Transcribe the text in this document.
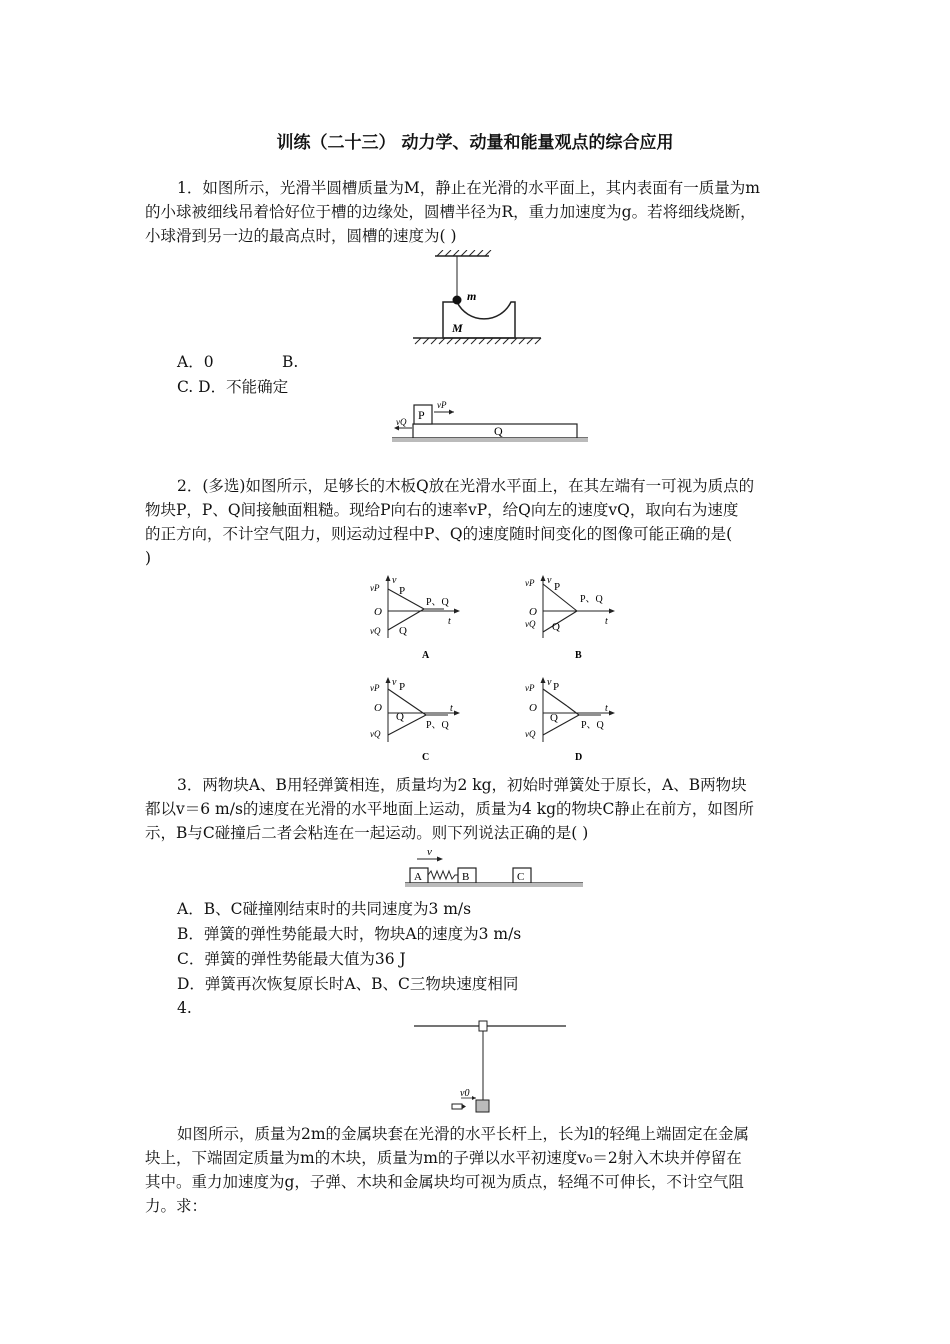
训练（二十三） 动力学、动量和能量观点的综合应用
1．如图所示，光滑半圆槽质量为M，静止在光滑的水平面上，其内表面有一质量为m
的小球被细线吊着恰好位于槽的边缘处，圆槽半径为R，重力加速度为g。若将细线烧断，
小球滑到另一边的最高点时，圆槽的速度为( )
m
M
A．0	B.
C. D．不能确定
P
Q
vP
vQ
2．(多选)如图所示，足够长的木板Q放在光滑水平面上，在其左端有一可视为质点的
物块P，P、Q间接触面粗糙。现给P向右的速率vP，给Q向左的速度vQ，取向右为速度
的正方向，不计空气阻力，则运动过程中P、Q的速度随时间变化的图像可能正确的是(
)
v
vP
vQ
O
t
P
Q
P、Q
A
v
vP
vQ
O
t
P
Q
P、Q
B
v
vP
vQ
O	t
P
Q
P、Q
C
v
vP
vQ
O	t
P
Q
P、Q
D
3．两物块A、B用轻弹簧相连，质量均为2 kg，初始时弹簧处于原长，A、B两物块
都以v＝6 m/s的速度在光滑的水平地面上运动，质量为4 kg的物块C静止在前方，如图所
示，B与C碰撞后二者会粘连在一起运动。则下列说法正确的是( )
v
A	B	C
A．B、C碰撞刚结束时的共同速度为3 m/s
B．弹簧的弹性势能最大时，物块A的速度为3 m/s
C．弹簧的弹性势能最大值为36 J
D．弹簧再次恢复原长时A、B、C三物块速度相同
4.
v0
如图所示，质量为2m的金属块套在光滑的水平长杆上，长为l的轻绳上端固定在金属
块上，下端固定质量为m的木块，质量为m的子弹以水平初速度v₀＝2射入木块并停留在
其中。重力加速度为g，子弹、木块和金属块均可视为质点，轻绳不可伸长，不计空气阻
力。求：
